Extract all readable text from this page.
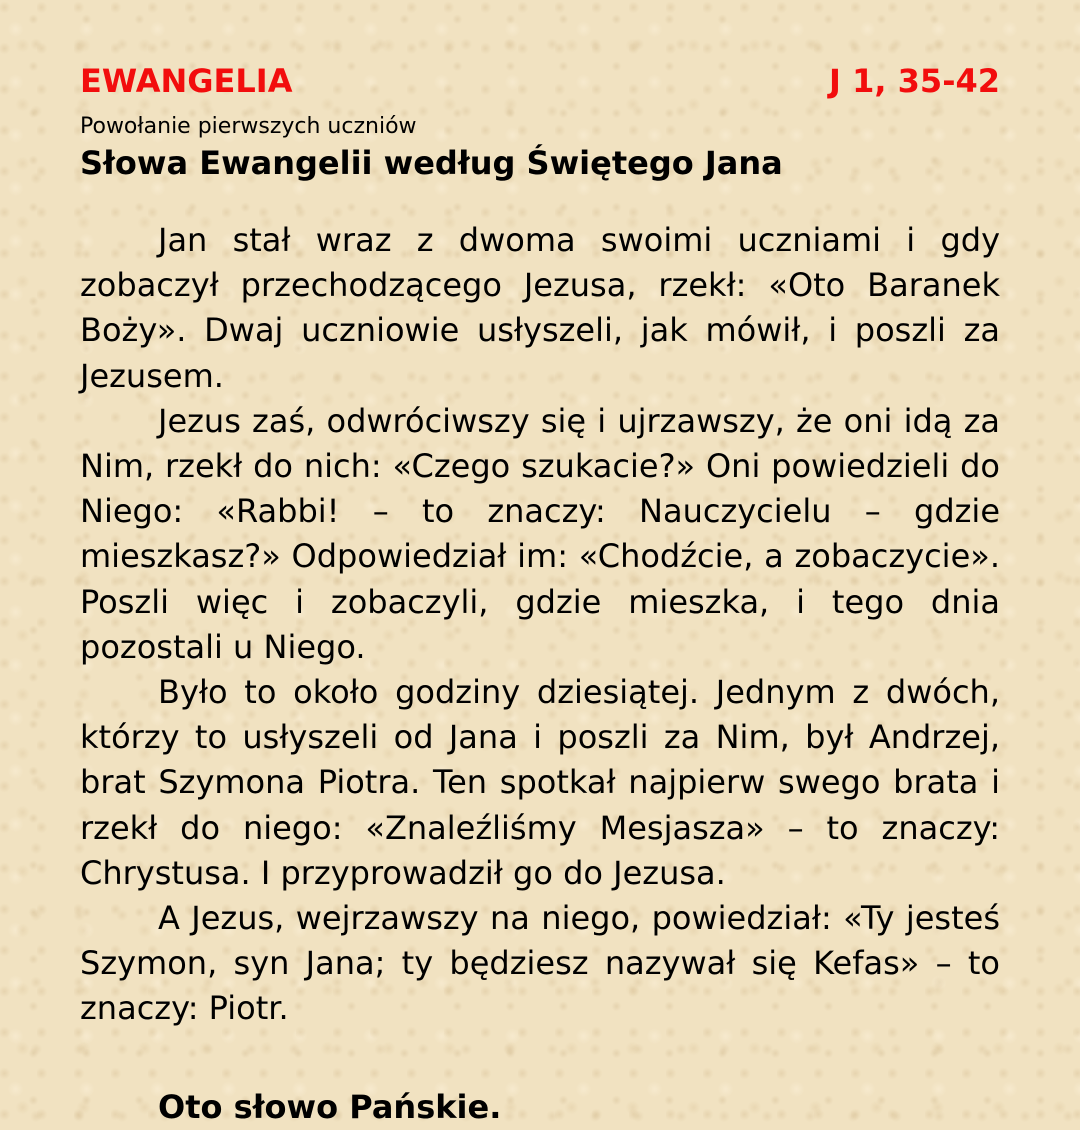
EWANGELIA	J 1, 35-42
Powołanie pierwszych uczniów
Słowa Ewangelii według Świętego Jana

Jan stał wraz z dwoma swoimi uczniami i gdy zobaczył przechodzącego Jezusa, rzekł: «Oto Baranek Boży». Dwaj uczniowie usłyszeli, jak mówił, i poszli za Jezusem.

Jezus zaś, odwróciwszy się i ujrzawszy, że oni idą za Nim, rzekł do nich: «Czego szukacie?» Oni powiedzieli do Niego: «Rabbi! – to znaczy: Nauczycielu – gdzie mieszkasz?» Odpowiedział im: «Chodźcie, a zobaczycie». Poszli więc i zobaczyli, gdzie mieszka, i tego dnia pozostali u Niego.

Było to około godziny dziesiątej. Jednym z dwóch, którzy to usłyszeli od Jana i poszli za Nim, był Andrzej, brat Szymona Piotra. Ten spotkał najpierw swego brata i rzekł do niego: «Znaleźliśmy Mesjasza» – to znaczy: Chrystusa. I przyprowadził go do Jezusa.

A Jezus, wejrzawszy na niego, powiedział: «Ty jesteś Szymon, syn Jana; ty będziesz nazywał się Kefas» – to znaczy: Piotr.

Oto słowo Pańskie.
